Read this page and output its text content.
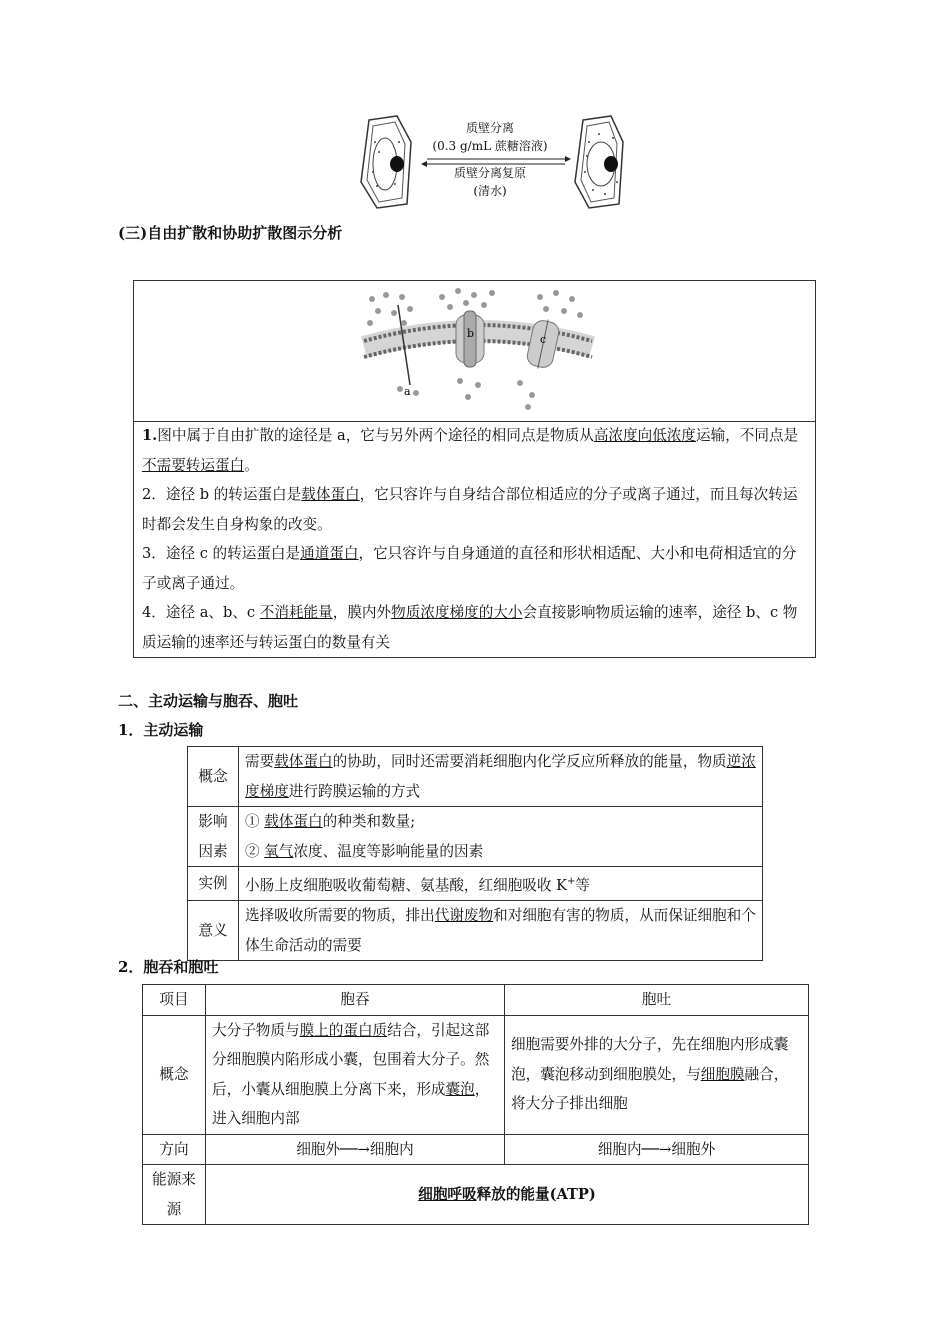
质壁分离
(0.3 g/mL 蔗糖溶液)
质壁分离复原
(清水)
(三)自由扩散和协助扩散图示分析
a
b	c

1.图中属于自由扩散的途径是 a，它与另外两个途径的相同点是物质从高浓度向低浓度运输，不同点是不需要转运蛋白。

2．途径 b 的转运蛋白是载体蛋白，它只容许与自身结合部位相适应的分子或离子通过，而且每次转运时都会发生自身构象的改变。

3．途径 c 的转运蛋白是通道蛋白，它只容许与自身通道的直径和形状相适配、大小和电荷相适宜的分子或离子通过。

4．途径 a、b、c 不消耗能量，膜内外物质浓度梯度的大小会直接影响物质运输的速率，途径 b、c 物质运输的速率还与转运蛋白的数量有关

二、主动运输与胞吞、胞吐
1．主动运输
概念	需要载体蛋白的协助，同时还需要消耗细胞内化学反应所释放的能量，物质逆浓度梯度进行跨膜运输的方式
影响因素	① 载体蛋白的种类和数量;
② 氧气浓度、温度等影响能量的因素

实例	小肠上皮细胞吸收葡萄糖、氨基酸，红细胞吸收 K+等
意义	选择吸收所需要的物质，排出代谢废物和对细胞有害的物质，从而保证细胞和个体生命活动的需要
2．胞吞和胞吐
项目	胞吞	胞吐
概念	大分子物质与膜上的蛋白质结合，引起这部分细胞膜内陷形成小囊，包围着大分子。然后，小囊从细胞膜上分离下来，形成囊泡，进入细胞内部	细胞需要外排的大分子，先在细胞内形成囊泡，囊泡移动到细胞膜处，与细胞膜融合，将大分子排出细胞
方向	细胞外──→细胞内	细胞内──→细胞外
能源来源	细胞呼吸释放的能量(ATP)	
